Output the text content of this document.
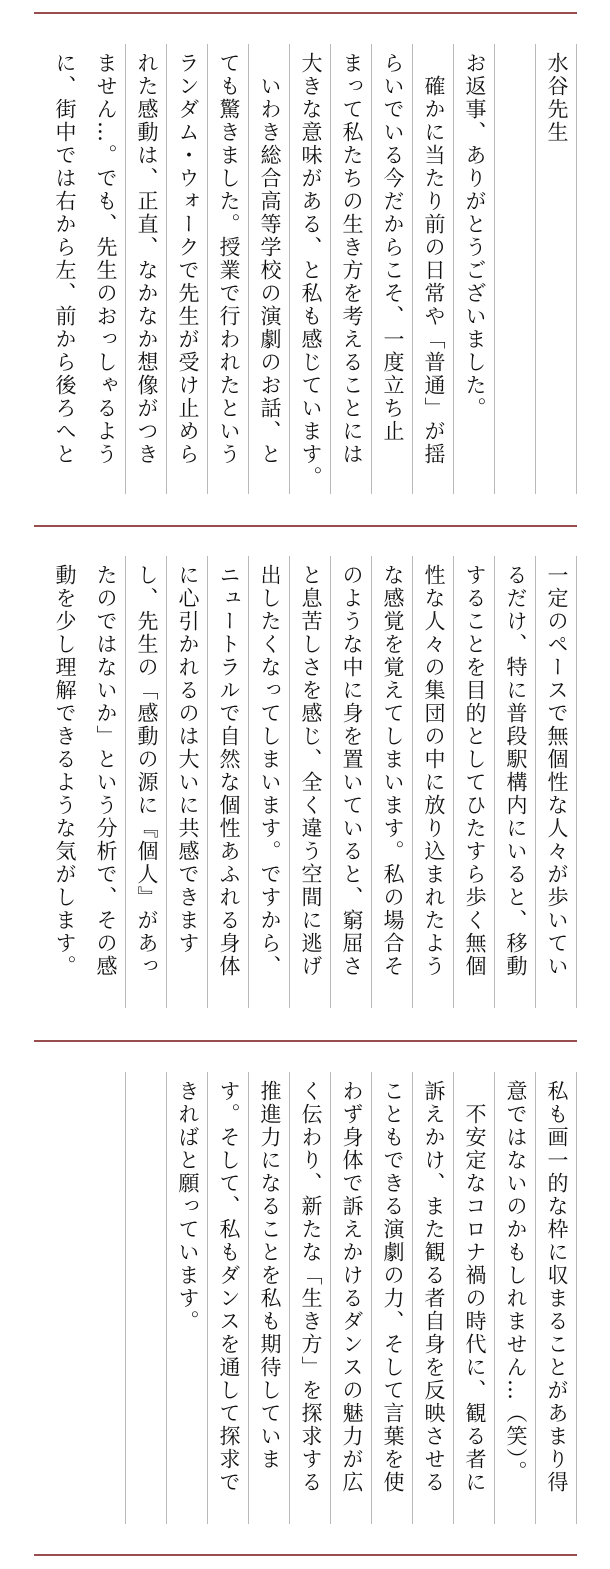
水谷先生
お返事、ありがとうございました。
　確かに当たり前の日常や「普通」が揺
らいでいる今だからこそ、一度立ち止
まって私たちの生き方を考えることには
大きな意味がある、と私も感じています。
　いわき総合高等学校の演劇のお話、と
ても驚きました。授業で行われたという
ランダム・ウォークで先生が受け止めら
れた感動は、正直、なかなか想像がつき
ません…。でも、先生のおっしゃるよう
に、街中では右から左、前から後ろへと
一定のペースで無個性な人々が歩いてい
るだけ、特に普段駅構内にいると、移動
することを目的としてひたすら歩く無個
性な人々の集団の中に放り込まれたよう
な感覚を覚えてしまいます。私の場合そ
のような中に身を置いていると、窮屈さ
と息苦しさを感じ、全く違う空間に逃げ
出したくなってしまいます。ですから、
ニュートラルで自然な個性あふれる身体
に心引かれるのは大いに共感できます
し、先生の「感動の源に『個人』があっ
たのではないか」という分析で、その感
動を少し理解できるような気がします。
私も画一的な枠に収まることがあまり得
意ではないのかもしれません…（笑）。
　不安定なコロナ禍の時代に、観る者に
訴えかけ、また観る者自身を反映させる
こともできる演劇の力、そして言葉を使
わず身体で訴えかけるダンスの魅力が広
く伝わり、新たな「生き方」を探求する
推進力になることを私も期待していま
す。そして、私もダンスを通して探求で
きればと願っています。
